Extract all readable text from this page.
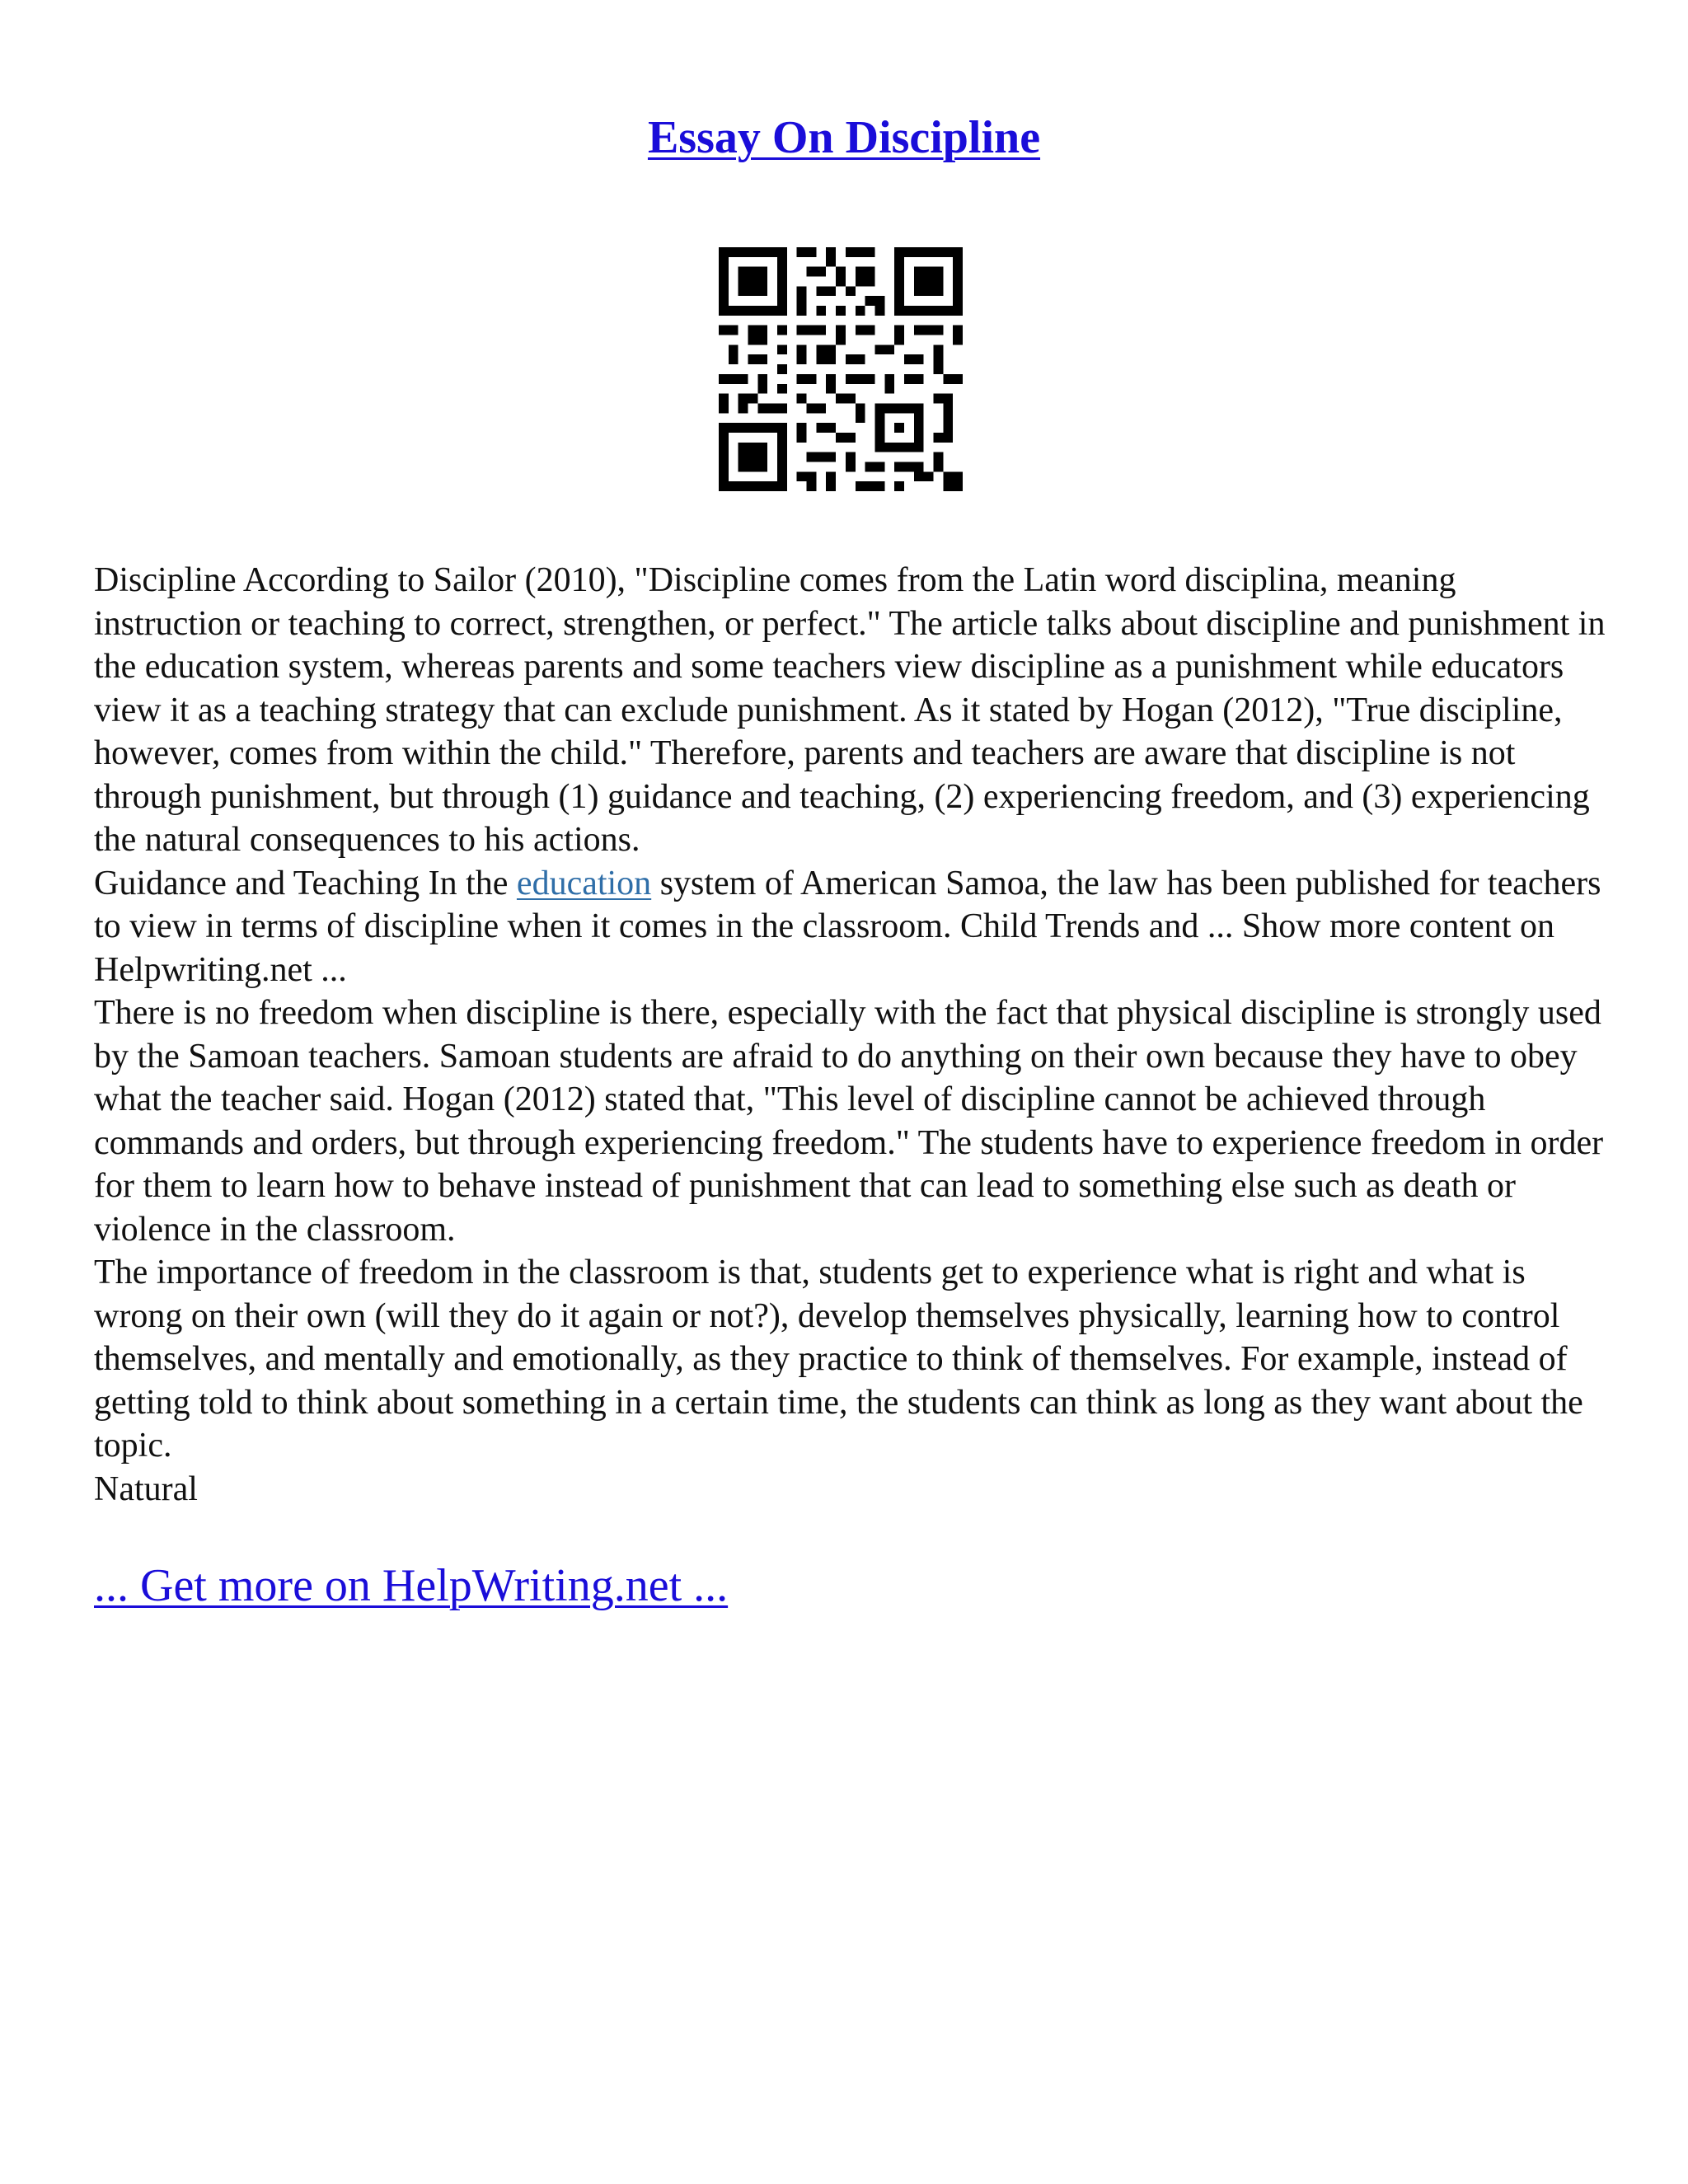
Essay On Discipline

Discipline According to Sailor (2010), "Discipline comes from the Latin word disciplina, meaning instruction or teaching to correct, strengthen, or perfect." The article talks about discipline and punishment in the education system, whereas parents and some teachers view discipline as a punishment while educators view it as a teaching strategy that can exclude punishment. As it stated by Hogan (2012), "True discipline, however, comes from within the child." Therefore, parents and teachers are aware that discipline is not through punishment, but through (1) guidance and teaching, (2) experiencing freedom, and (3) experiencing the natural consequences to his actions.

Guidance and Teaching In the education system of American Samoa, the law has been published for teachers to view in terms of discipline when it comes in the classroom. Child Trends and ... Show more content on Helpwriting.net ...

There is no freedom when discipline is there, especially with the fact that physical discipline is strongly used by the Samoan teachers. Samoan students are afraid to do anything on their own because they have to obey what the teacher said. Hogan (2012) stated that, "This level of discipline cannot be achieved through commands and orders, but through experiencing freedom." The students have to experience freedom in order for them to learn how to behave instead of punishment that can lead to something else such as death or violence in the classroom.

The importance of freedom in the classroom is that, students get to experience what is right and what is wrong on their own (will they do it again or not?), develop themselves physically, learning how to control themselves, and mentally and emotionally, as they practice to think of themselves. For example, instead of getting told to think about something in a certain time, the students can think as long as they want about the topic.

Natural

... Get more on HelpWriting.net ...
